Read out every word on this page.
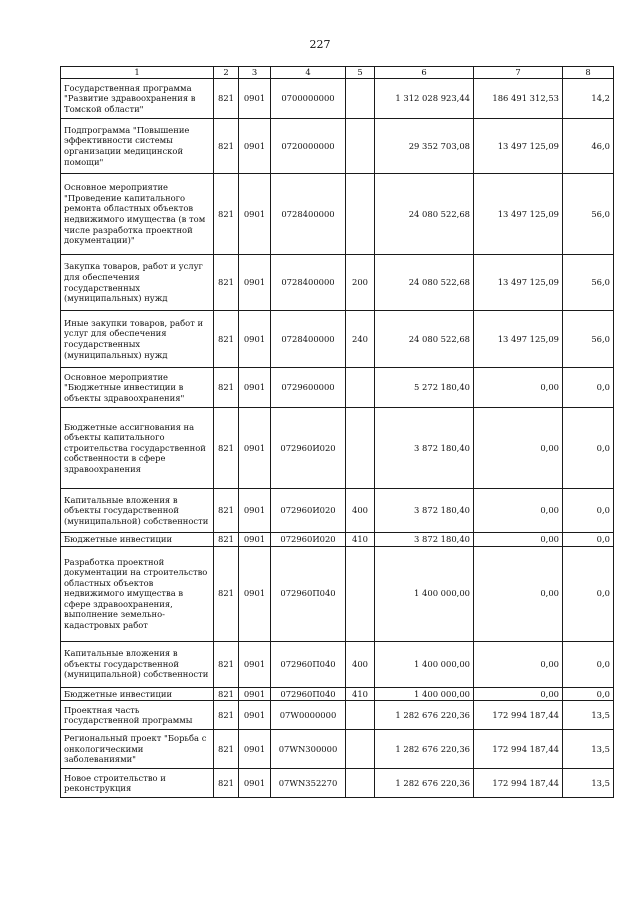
227
1	2	3	4	5	6	7	8
Государственная программа "Развитие здравоохранения в Томской области"	821	0901	0700000000		1 312 028 923,44	186 491 312,53	14,2
Подпрограмма "Повышение эффективности системы организации медицинской помощи"	821	0901	0720000000		29 352 703,08	13 497 125,09	46,0
Основное мероприятие "Проведение капитального ремонта областных объектов недвижимого имущества (в том числе разработка проектной документации)"	821	0901	0728400000		24 080 522,68	13 497 125,09	56,0
Закупка товаров, работ и услуг для обеспечения государственных (муниципальных) нужд	821	0901	0728400000	200	24 080 522,68	13 497 125,09	56,0
Иные закупки товаров, работ и услуг для обеспечения государственных (муниципальных) нужд	821	0901	0728400000	240	24 080 522,68	13 497 125,09	56,0
Основное мероприятие "Бюджетные инвестиции в объекты здравоохранения"	821	0901	0729600000		5 272 180,40	0,00	0,0
Бюджетные ассигнования на объекты капитального строительства государственной собственности в сфере здравоохранения	821	0901	072960И020		3 872 180,40	0,00	0,0
Капитальные вложения в объекты государственной (муниципальной) собственности	821	0901	072960И020	400	3 872 180,40	0,00	0,0
Бюджетные инвестиции	821	0901	072960И020	410	3 872 180,40	0,00	0,0
Разработка проектной документации на строительство областных объектов недвижимого имущества в сфере здравоохранения, выполнение земельно-кадастровых работ	821	0901	072960П040		1 400 000,00	0,00	0,0
Капитальные вложения в объекты государственной (муниципальной) собственности	821	0901	072960П040	400	1 400 000,00	0,00	0,0
Бюджетные инвестиции	821	0901	072960П040	410	1 400 000,00	0,00	0,0
Проектная часть государственной программы	821	0901	07W0000000		1 282 676 220,36	172 994 187,44	13,5
Региональный проект "Борьба с онкологическими заболеваниями"	821	0901	07WN300000		1 282 676 220,36	172 994 187,44	13,5
Новое строительство и реконструкция	821	0901	07WN352270		1 282 676 220,36	172 994 187,44	13,5
